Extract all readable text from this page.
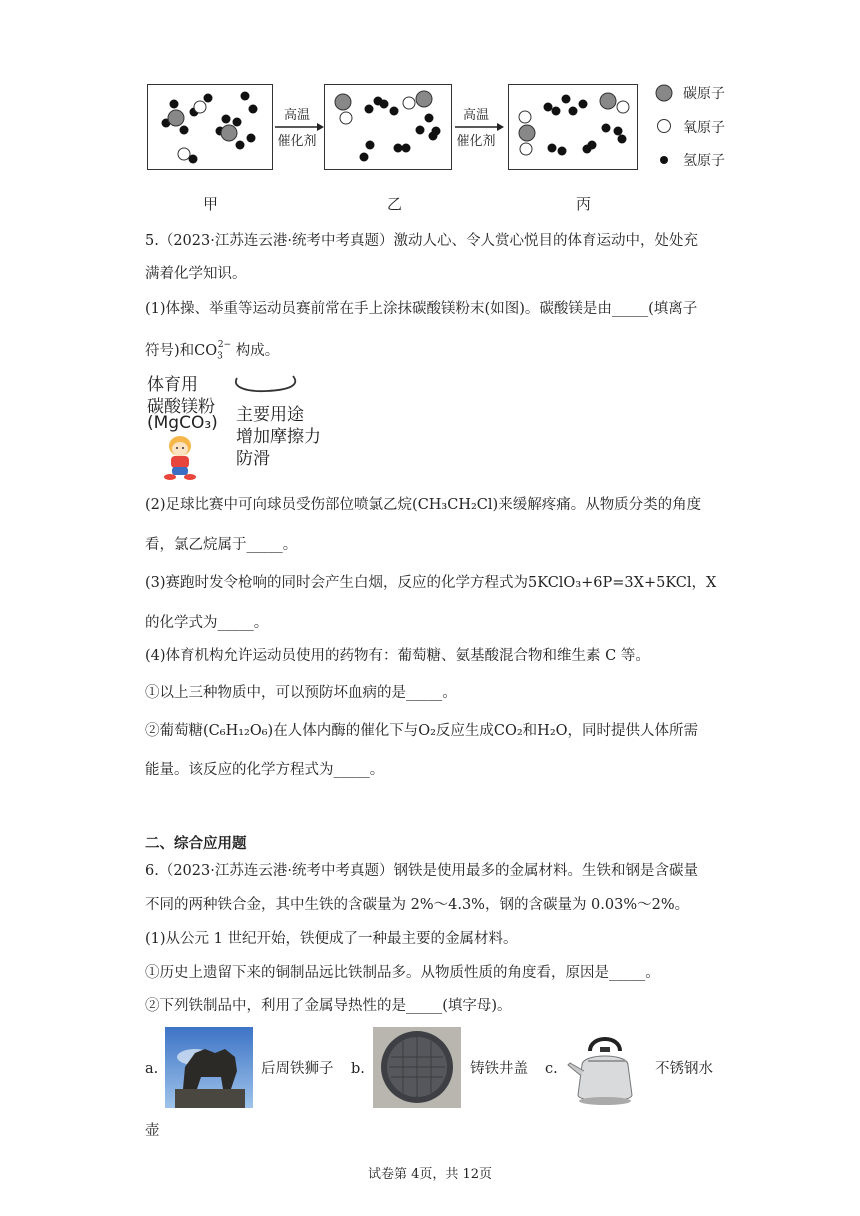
高温
催化剂
高温
催化剂
碳原子
氧原子
氢原子
甲	乙	丙
5.（2023·江苏连云港·统考中考真题）激动人心、令人赏心悦目的体育运动中，处处充
满着化学知识。
(1)体操、举重等运动员赛前常在手上涂抹碳酸镁粉末(如图)。碳酸镁是由_____(填离子
符号)和$CO_3^{2-}$ 构成。
体育用
碳酸镁粉
(MgCO₃) 主要用途
增加摩擦力
防滑
(2)足球比赛中可向球员受伤部位喷氯乙烷(CH₃CH₂Cl)来缓解疼痛。从物质分类的角度
看，氯乙烷属于_____。
(3)赛跑时发令枪响的同时会产生白烟，反应的化学方程式为5KClO₃+6P=3X+5KCl，X
的化学式为_____。
(4)体育机构允许运动员使用的药物有：葡萄糖、氨基酸混合物和维生素 C 等。
①以上三种物质中，可以预防坏血病的是_____。
②葡萄糖(C₆H₁₂O₆)在人体内酶的催化下与O₂反应生成CO₂和H₂O，同时提供人体所需
能量。该反应的化学方程式为_____。
二、综合应用题
6.（2023·江苏连云港·统考中考真题）钢铁是使用最多的金属材料。生铁和钢是含碳量
不同的两种铁合金，其中生铁的含碳量为 2%～4.3%，钢的含碳量为 0.03%～2%。
(1)从公元 1 世纪开始，铁便成了一种最主要的金属材料。
①历史上遗留下来的铜制品远比铁制品多。从物质性质的角度看，原因是_____。
②下列铁制品中，利用了金属导热性的是_____(填字母)。
a.	后周铁狮子 b.	铸铁井盖 c.	不锈钢水
壶
试卷第 4页，共 12页
